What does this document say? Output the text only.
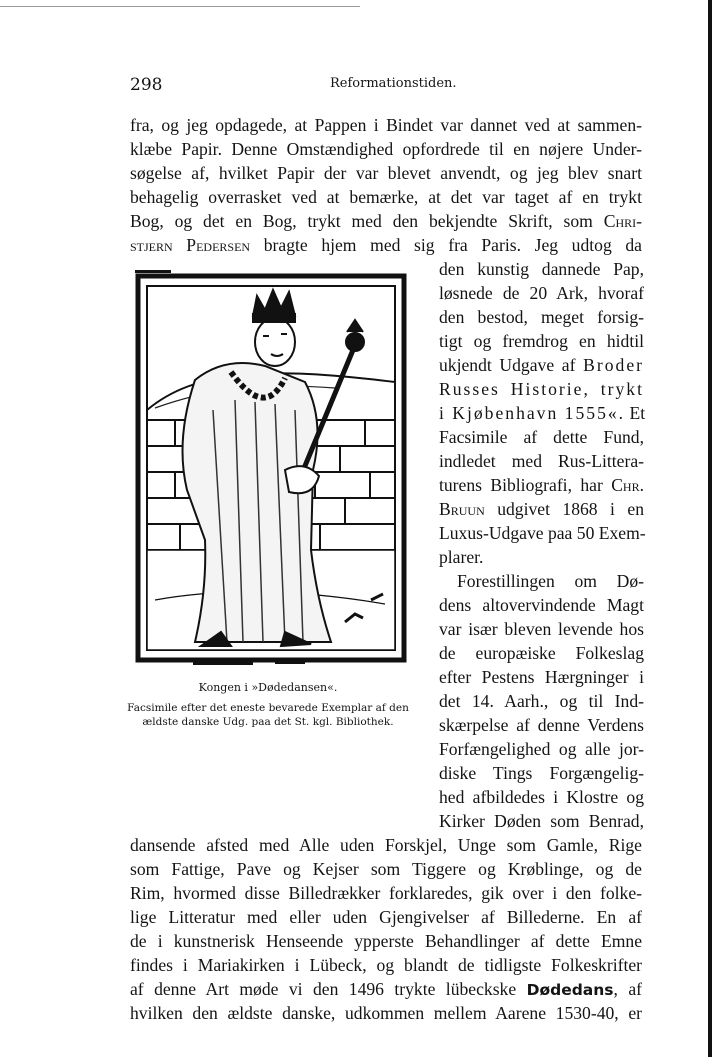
298	Reformationstiden.
fra, og jeg opdagede, at Pappen i Bindet var dannet ved at sammen-
klæbe Papir. Denne Omstændighed opfordrede til en nøjere Under-
søgelse af, hvilket Papir der var blevet anvendt, og jeg blev snart
behagelig overrasket ved at bemærke, at det var taget af en trykt
Bog, og det en Bog, trykt med den bekjendte Skrift, som Chri-
stjern Pedersen bragte hjem med sig fra Paris. Jeg udtog da
den kunstig dannede Pap,
løsnede de 20 Ark, hvoraf
den bestod, meget forsig-
tigt og fremdrog en hidtil
ukjendt Udgave af Broder
Russes Historie, trykt
i Kjøbenhavn 1555«. Et
Facsimile af dette Fund,
indledet med Rus-Littera-
turens Bibliografi, har Chr.
Bruun udgivet 1868 i en
Luxus-Udgave paa 50 Exem-
plarer.
Forestillingen om Dø-
dens altovervindende Magt
var især bleven levende hos
de europæiske Folkeslag
efter Pestens Hærgninger i
det 14. Aarh., og til Ind-
skærpelse af denne Verdens
Forfængelighed og alle jor-
diske Tings Forgængelig-
hed afbildedes i Klostre og
Kirker Døden som Benrad,
dansende afsted med Alle uden Forskjel, Unge som Gamle, Rige
som Fattige, Pave og Kejser som Tiggere og Krøblinge, og de
Rim, hvormed disse Billedrækker forklaredes, gik over i den folke-
lige Litteratur med eller uden Gjengivelser af Billederne. En af
de i kunstnerisk Henseende ypperste Behandlinger af dette Emne
findes i Mariakirken i Lübeck, og blandt de tidligste Folkeskrifter
af denne Art møde vi den 1496 trykte lübeckske Dødedans, af
hvilken den ældste danske, udkommen mellem Aarene 1530-40, er
Kongen i »Dødedansen«.
Facsimile efter det eneste bevarede Exemplar af den
ældste danske Udg. paa det St. kgl. Bibliothek.
